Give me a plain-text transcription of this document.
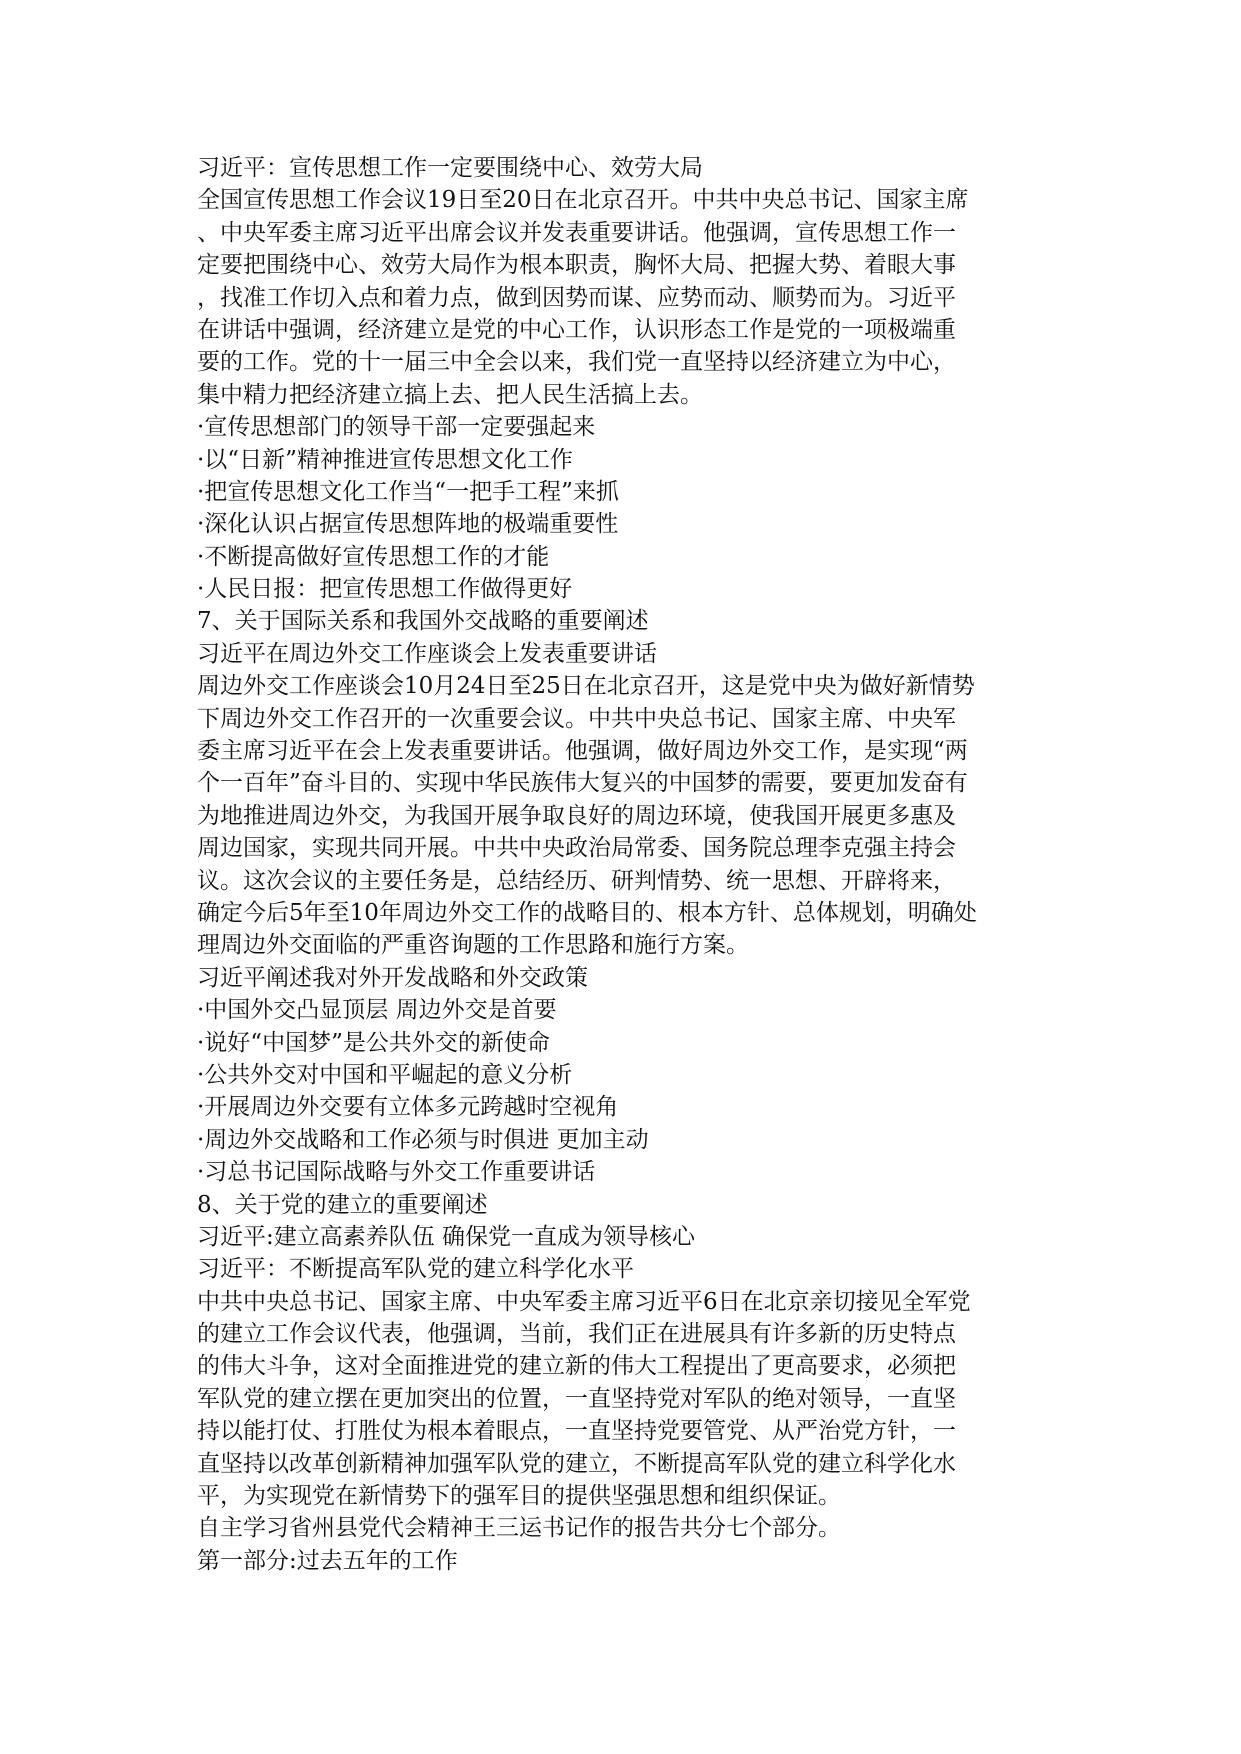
习近平：宣传思想工作一定要围绕中心、效劳大局
全国宣传思想工作会议19日至20日在北京召开。中共中央总书记、国家主席
、中央军委主席习近平出席会议并发表重要讲话。他强调，宣传思想工作一
定要把围绕中心、效劳大局作为根本职责，胸怀大局、把握大势、着眼大事
，找准工作切入点和着力点，做到因势而谋、应势而动、顺势而为。习近平
在讲话中强调，经济建立是党的中心工作，认识形态工作是党的一项极端重
要的工作。党的十一届三中全会以来，我们党一直坚持以经济建立为中心，
集中精力把经济建立搞上去、把人民生活搞上去。
·宣传思想部门的领导干部一定要强起来
·以“日新”精神推进宣传思想文化工作
·把宣传思想文化工作当“一把手工程”来抓
·深化认识占据宣传思想阵地的极端重要性
·不断提高做好宣传思想工作的才能
·人民日报：把宣传思想工作做得更好
7、关于国际关系和我国外交战略的重要阐述
习近平在周边外交工作座谈会上发表重要讲话
周边外交工作座谈会10月24日至25日在北京召开，这是党中央为做好新情势
下周边外交工作召开的一次重要会议。中共中央总书记、国家主席、中央军
委主席习近平在会上发表重要讲话。他强调，做好周边外交工作，是实现“两
个一百年”奋斗目的、实现中华民族伟大复兴的中国梦的需要，要更加发奋有
为地推进周边外交，为我国开展争取良好的周边环境，使我国开展更多惠及
周边国家，实现共同开展。中共中央政治局常委、国务院总理李克强主持会
议。这次会议的主要任务是，总结经历、研判情势、统一思想、开辟将来，
确定今后5年至10年周边外交工作的战略目的、根本方针、总体规划，明确处
理周边外交面临的严重咨询题的工作思路和施行方案。
习近平阐述我对外开发战略和外交政策
·中国外交凸显顶层 周边外交是首要
·说好“中国梦”是公共外交的新使命
·公共外交对中国和平崛起的意义分析
·开展周边外交要有立体多元跨越时空视角
·周边外交战略和工作必须与时俱进 更加主动
·习总书记国际战略与外交工作重要讲话
8、关于党的建立的重要阐述
习近平:建立高素养队伍 确保党一直成为领导核心
习近平：不断提高军队党的建立科学化水平
中共中央总书记、国家主席、中央军委主席习近平6日在北京亲切接见全军党
的建立工作会议代表，他强调，当前，我们正在进展具有许多新的历史特点
的伟大斗争，这对全面推进党的建立新的伟大工程提出了更高要求，必须把
军队党的建立摆在更加突出的位置，一直坚持党对军队的绝对领导，一直坚
持以能打仗、打胜仗为根本着眼点，一直坚持党要管党、从严治党方针，一
直坚持以改革创新精神加强军队党的建立，不断提高军队党的建立科学化水
平，为实现党在新情势下的强军目的提供坚强思想和组织保证。
自主学习省州县党代会精神王三运书记作的报告共分七个部分。
第一部分:过去五年的工作
